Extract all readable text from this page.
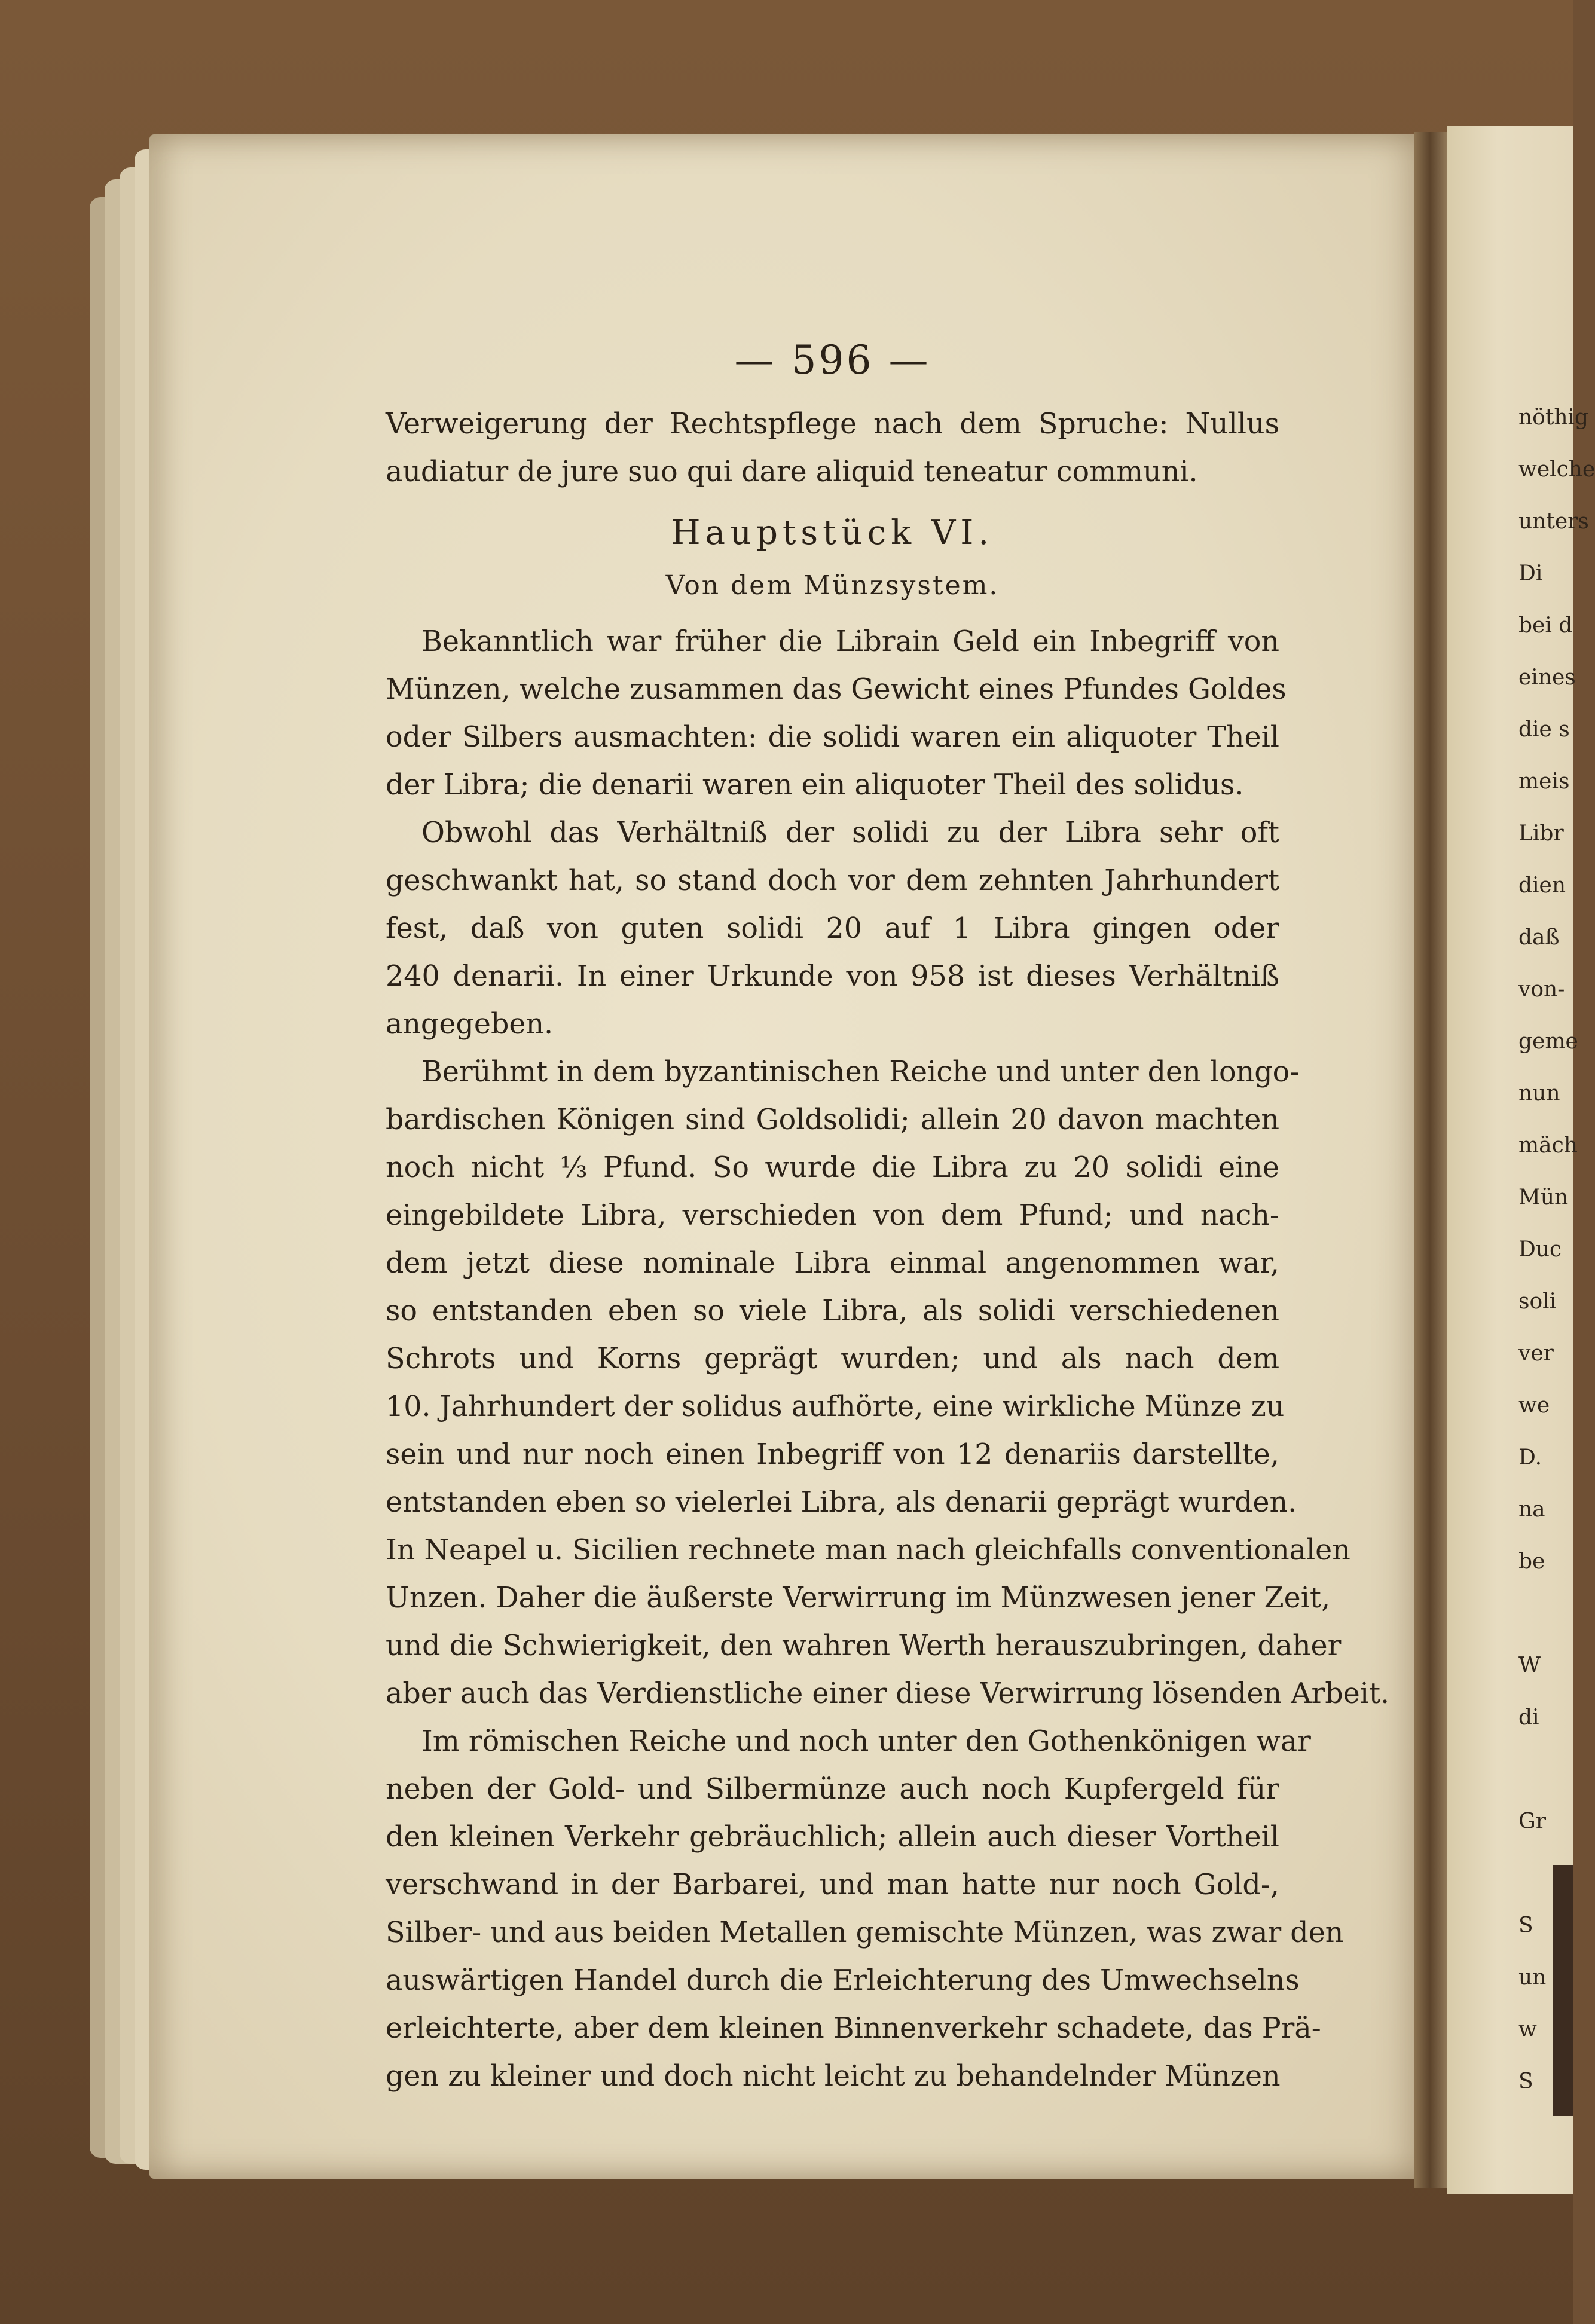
— 596 —
Verweigerung der Rechtspflege nach dem Spruche: Nullus
audiatur de jure suo qui dare aliquid teneatur communi.
Hauptstück VI.
Von dem Münzsystem.
Bekanntlich war früher die Librain Geld ein Inbegriff von
Münzen, welche zusammen das Gewicht eines Pfundes Goldes
oder Silbers ausmachten: die solidi waren ein aliquoter Theil
der Libra; die denarii waren ein aliquoter Theil des solidus.
Obwohl das Verhältniß der solidi zu der Libra sehr oft
geschwankt hat, so stand doch vor dem zehnten Jahrhundert
fest, daß von guten solidi 20 auf 1 Libra gingen oder
240 denarii. In einer Urkunde von 958 ist dieses Verhältniß
angegeben.
Berühmt in dem byzantinischen Reiche und unter den longo-
bardischen Königen sind Goldsolidi; allein 20 davon machten
noch nicht ⅓ Pfund. So wurde die Libra zu 20 solidi eine
eingebildete Libra, verschieden von dem Pfund; und nach-
dem jetzt diese nominale Libra einmal angenommen war,
so entstanden eben so viele Libra, als solidi verschiedenen
Schrots und Korns geprägt wurden; und als nach dem
10. Jahrhundert der solidus aufhörte, eine wirkliche Münze zu
sein und nur noch einen Inbegriff von 12 denariis darstellte,
entstanden eben so vielerlei Libra, als denarii geprägt wurden.
In Neapel u. Sicilien rechnete man nach gleichfalls conventionalen
Unzen. Daher die äußerste Verwirrung im Münzwesen jener Zeit,
und die Schwierigkeit, den wahren Werth herauszubringen, daher
aber auch das Verdienstliche einer diese Verwirrung lösenden Arbeit.
Im römischen Reiche und noch unter den Gothenkönigen war
neben der Gold- und Silbermünze auch noch Kupfergeld für
den kleinen Verkehr gebräuchlich; allein auch dieser Vortheil
verschwand in der Barbarei, und man hatte nur noch Gold-,
Silber- und aus beiden Metallen gemischte Münzen, was zwar den
auswärtigen Handel durch die Erleichterung des Umwechselns
erleichterte, aber dem kleinen Binnenverkehr schadete, das Prä-
gen zu kleiner und doch nicht leicht zu behandelnder Münzen
nöthig
welche
unters
Di
bei d
eines
die s
meis
Libr
dien
daß
von-
geme
nun
mäch
Mün
Duc
soli
ver
we
D.
na
be
W
di
Gr
S
un
w
S
